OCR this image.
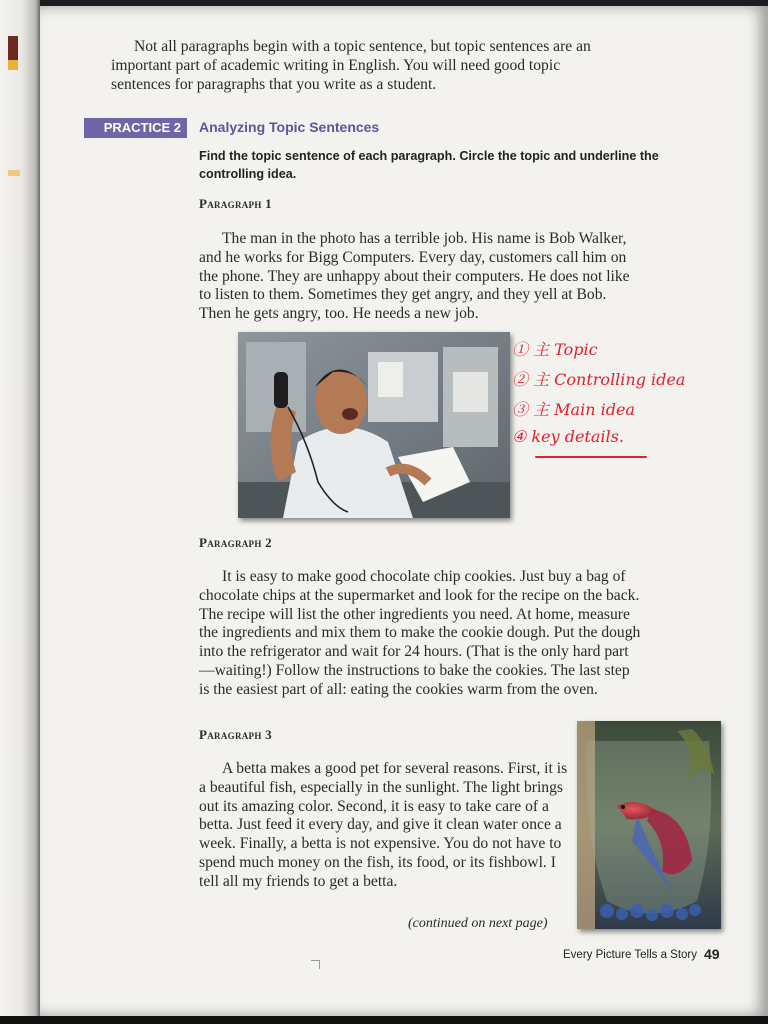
Not all paragraphs begin with a topic sentence, but topic sentences are an important part of academic writing in English. You will need good topic sentences for paragraphs that you write as a student.

PRACTICE 2	Analyzing Topic Sentences

Find the topic sentence of each paragraph. Circle the topic and underline the controlling idea.

Paragraph 1

The man in the photo has a terrible job. His name is Bob Walker, and he works for Bigg Computers. Every day, customers call him on the phone. They are unhappy about their computers. He does not like to listen to them. Sometimes they get angry, and they yell at Bob. Then he gets angry, too. He needs a new job.

① 主 Topic
② 主 Controlling idea
③ 主 Main idea
④ key details.
Paragraph 2

It is easy to make good chocolate chip cookies. Just buy a bag of chocolate chips at the supermarket and look for the recipe on the back. The recipe will list the other ingredients you need. At home, measure the ingredients and mix them to make the cookie dough. Put the dough into the refrigerator and wait for 24 hours. (That is the only hard part—waiting!) Follow the instructions to bake the cookies. The last step is the easiest part of all: eating the cookies warm from the oven.

Paragraph 3

A betta makes a good pet for several reasons. First, it is a beautiful fish, especially in the sunlight. The light brings out its amazing color. Second, it is easy to take care of a betta. Just feed it every day, and give it clean water once a week. Finally, a betta is not expensive. You do not have to spend much money on the fish, its food, or its fishbowl. I tell all my friends to get a betta.

(continued on next page)
Every Picture Tells a Story 49
